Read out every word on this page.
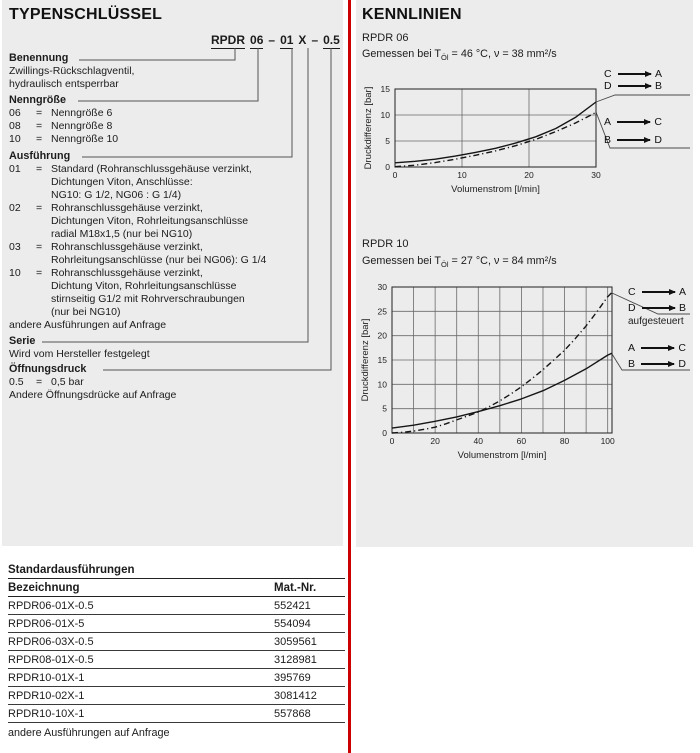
TYPENSCHLÜSSEL
RPDR 06 – 01 X – 0.5
Benennung
Zwillings-Rückschlagventil,
hydraulisch entsperrbar
Nenngröße
06	= Nenngröße 6
08	= Nenngröße 8
10	= Nenngröße 10
Ausführung
01	= Standard (Rohranschlussgehäuse verzinkt,
Dichtungen Viton, Anschlüsse:
NG10: G 1/2, NG06 : G 1/4)
02	= Rohranschlussgehäuse verzinkt,
Dichtungen Viton, Rohrleitungsanschlüsse
radial M18x1,5 (nur bei NG10)
03	= Rohranschlussgehäuse verzinkt,
Rohrleitungsanschlüsse (nur bei NG06): G 1/4
10	= Rohranschlussgehäuse verzinkt,
Dichtung Viton, Rohrleitungsanschlüsse
stirnseitig G1/2 mit Rohrverschraubungen
(nur bei NG10)
andere Ausführungen auf Anfrage
Serie
Wird vom Hersteller festgelegt
Öffnungsdruck
0.5	= 0,5 bar
Andere Öffnungsdrücke auf Anfrage
Standardausführungen
Bezeichnung	Mat.-Nr.
RPDR06-01X-0.5	552421
RPDR06-01X-5	554094
RPDR06-03X-0.5	3059561
RPDR08-01X-0.5	3128981
RPDR10-01X-1	395769
RPDR10-02X-1	3081412
RPDR10-10X-1	557868
andere Ausführungen auf Anfrage
KENNLINIEN
RPDR 06
Gemessen bei $T_{Öl} = 46$ °C, ν = 38 mm²/s
0	10	20	30
0
5
10
15
Volumenstrom [l/min]
Druckdifferenz [bar]
C	A
D	B
A	C
B	D
RPDR 10
Gemessen bei $T_{Öl} = 27$ °C, ν = 84 mm²/s
0	20	40	60	80	100
0
5
10
15
20
25
30
Volumenstrom [l/min]
Druckdifferenz [bar]
C	A
D	B
aufgesteuert
A	C
B	D
